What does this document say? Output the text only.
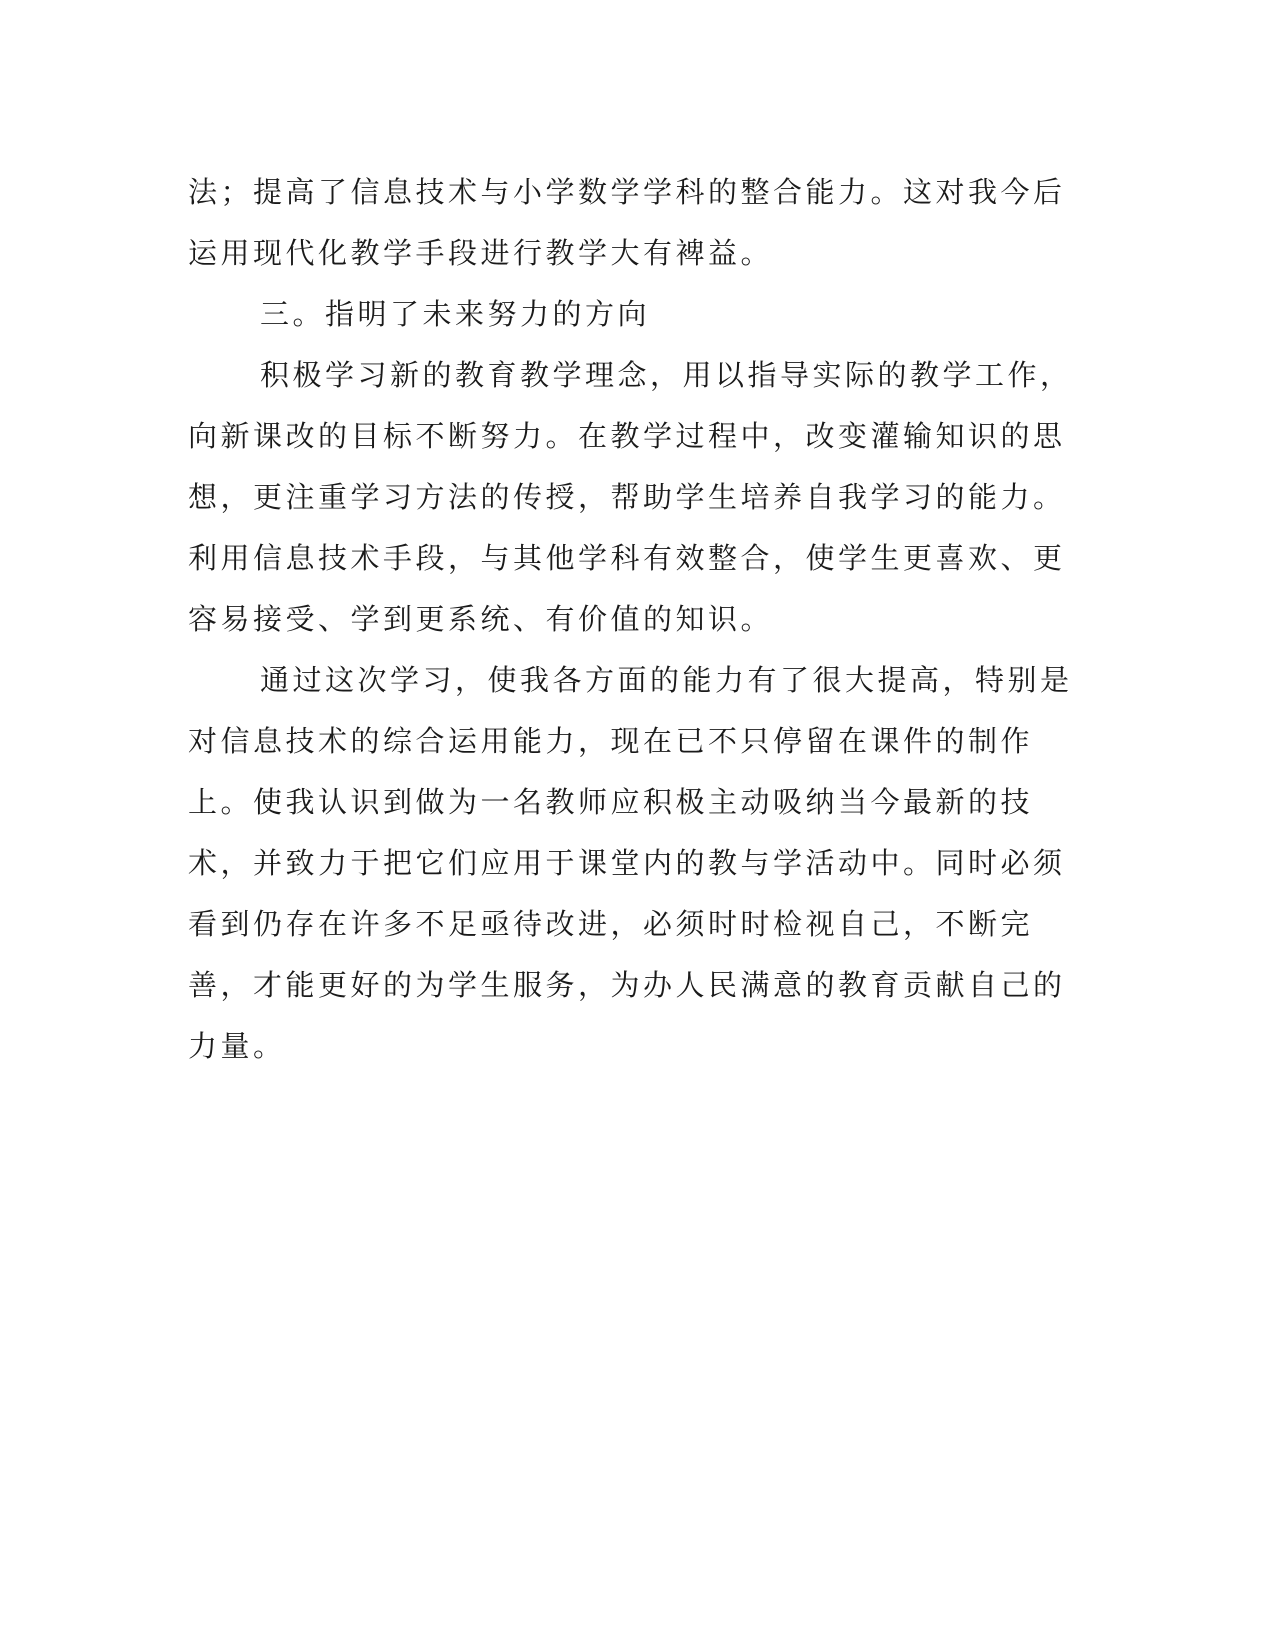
法；提高了信息技术与小学数学学科的整合能力。这对我今后运用现代化教学手段进行教学大有裨益。

三。指明了未来努力的方向

积极学习新的教育教学理念，用以指导实际的教学工作，向新课改的目标不断努力。在教学过程中，改变灌输知识的思想，更注重学习方法的传授，帮助学生培养自我学习的能力。利用信息技术手段，与其他学科有效整合，使学生更喜欢、更容易接受、学到更系统、有价值的知识。

通过这次学习，使我各方面的能力有了很大提高，特别是对信息技术的综合运用能力，现在已不只停留在课件的制作上。使我认识到做为一名教师应积极主动吸纳当今最新的技术，并致力于把它们应用于课堂内的教与学活动中。同时必须看到仍存在许多不足亟待改进，必须时时检视自己，不断完善，才能更好的为学生服务，为办人民满意的教育贡献自己的力量。
